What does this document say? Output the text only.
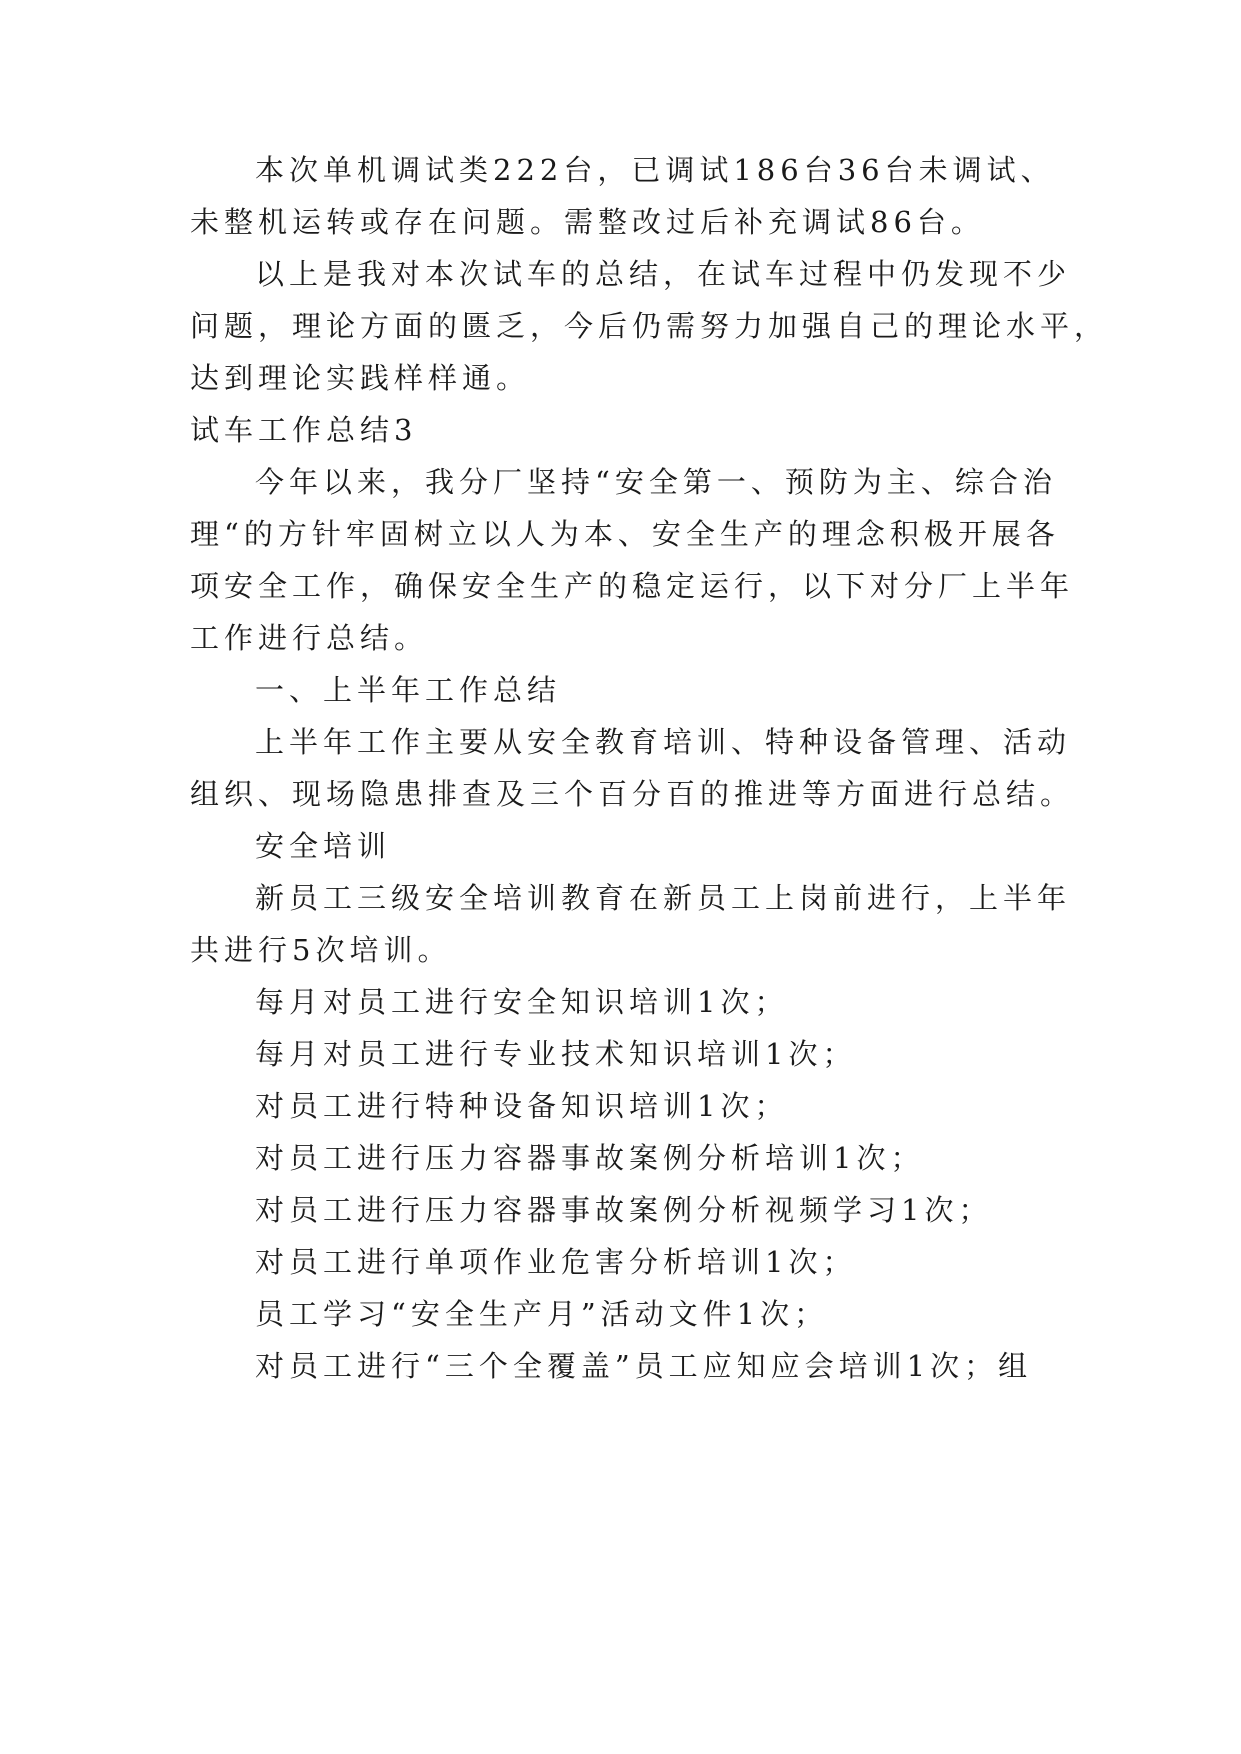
本次单机调试类222台，已调试186台36台未调试、
未整机运转或存在问题。需整改过后补充调试86台。
以上是我对本次试车的总结，在试车过程中仍发现不少
问题，理论方面的匮乏，今后仍需努力加强自己的理论水平，
达到理论实践样样通。
试车工作总结3
今年以来，我分厂坚持“安全第一、预防为主、综合治
理“的方针牢固树立以人为本、安全生产的理念积极开展各
项安全工作，确保安全生产的稳定运行，以下对分厂上半年
工作进行总结。
一、上半年工作总结
上半年工作主要从安全教育培训、特种设备管理、活动
组织、现场隐患排查及三个百分百的推进等方面进行总结。
安全培训
新员工三级安全培训教育在新员工上岗前进行，上半年
共进行5次培训。
每月对员工进行安全知识培训1次；
每月对员工进行专业技术知识培训1次；
对员工进行特种设备知识培训1次；
对员工进行压力容器事故案例分析培训1次；
对员工进行压力容器事故案例分析视频学习1次；
对员工进行单项作业危害分析培训1次；
员工学习“安全生产月”活动文件1次；
对员工进行“三个全覆盖”员工应知应会培训1次；组
